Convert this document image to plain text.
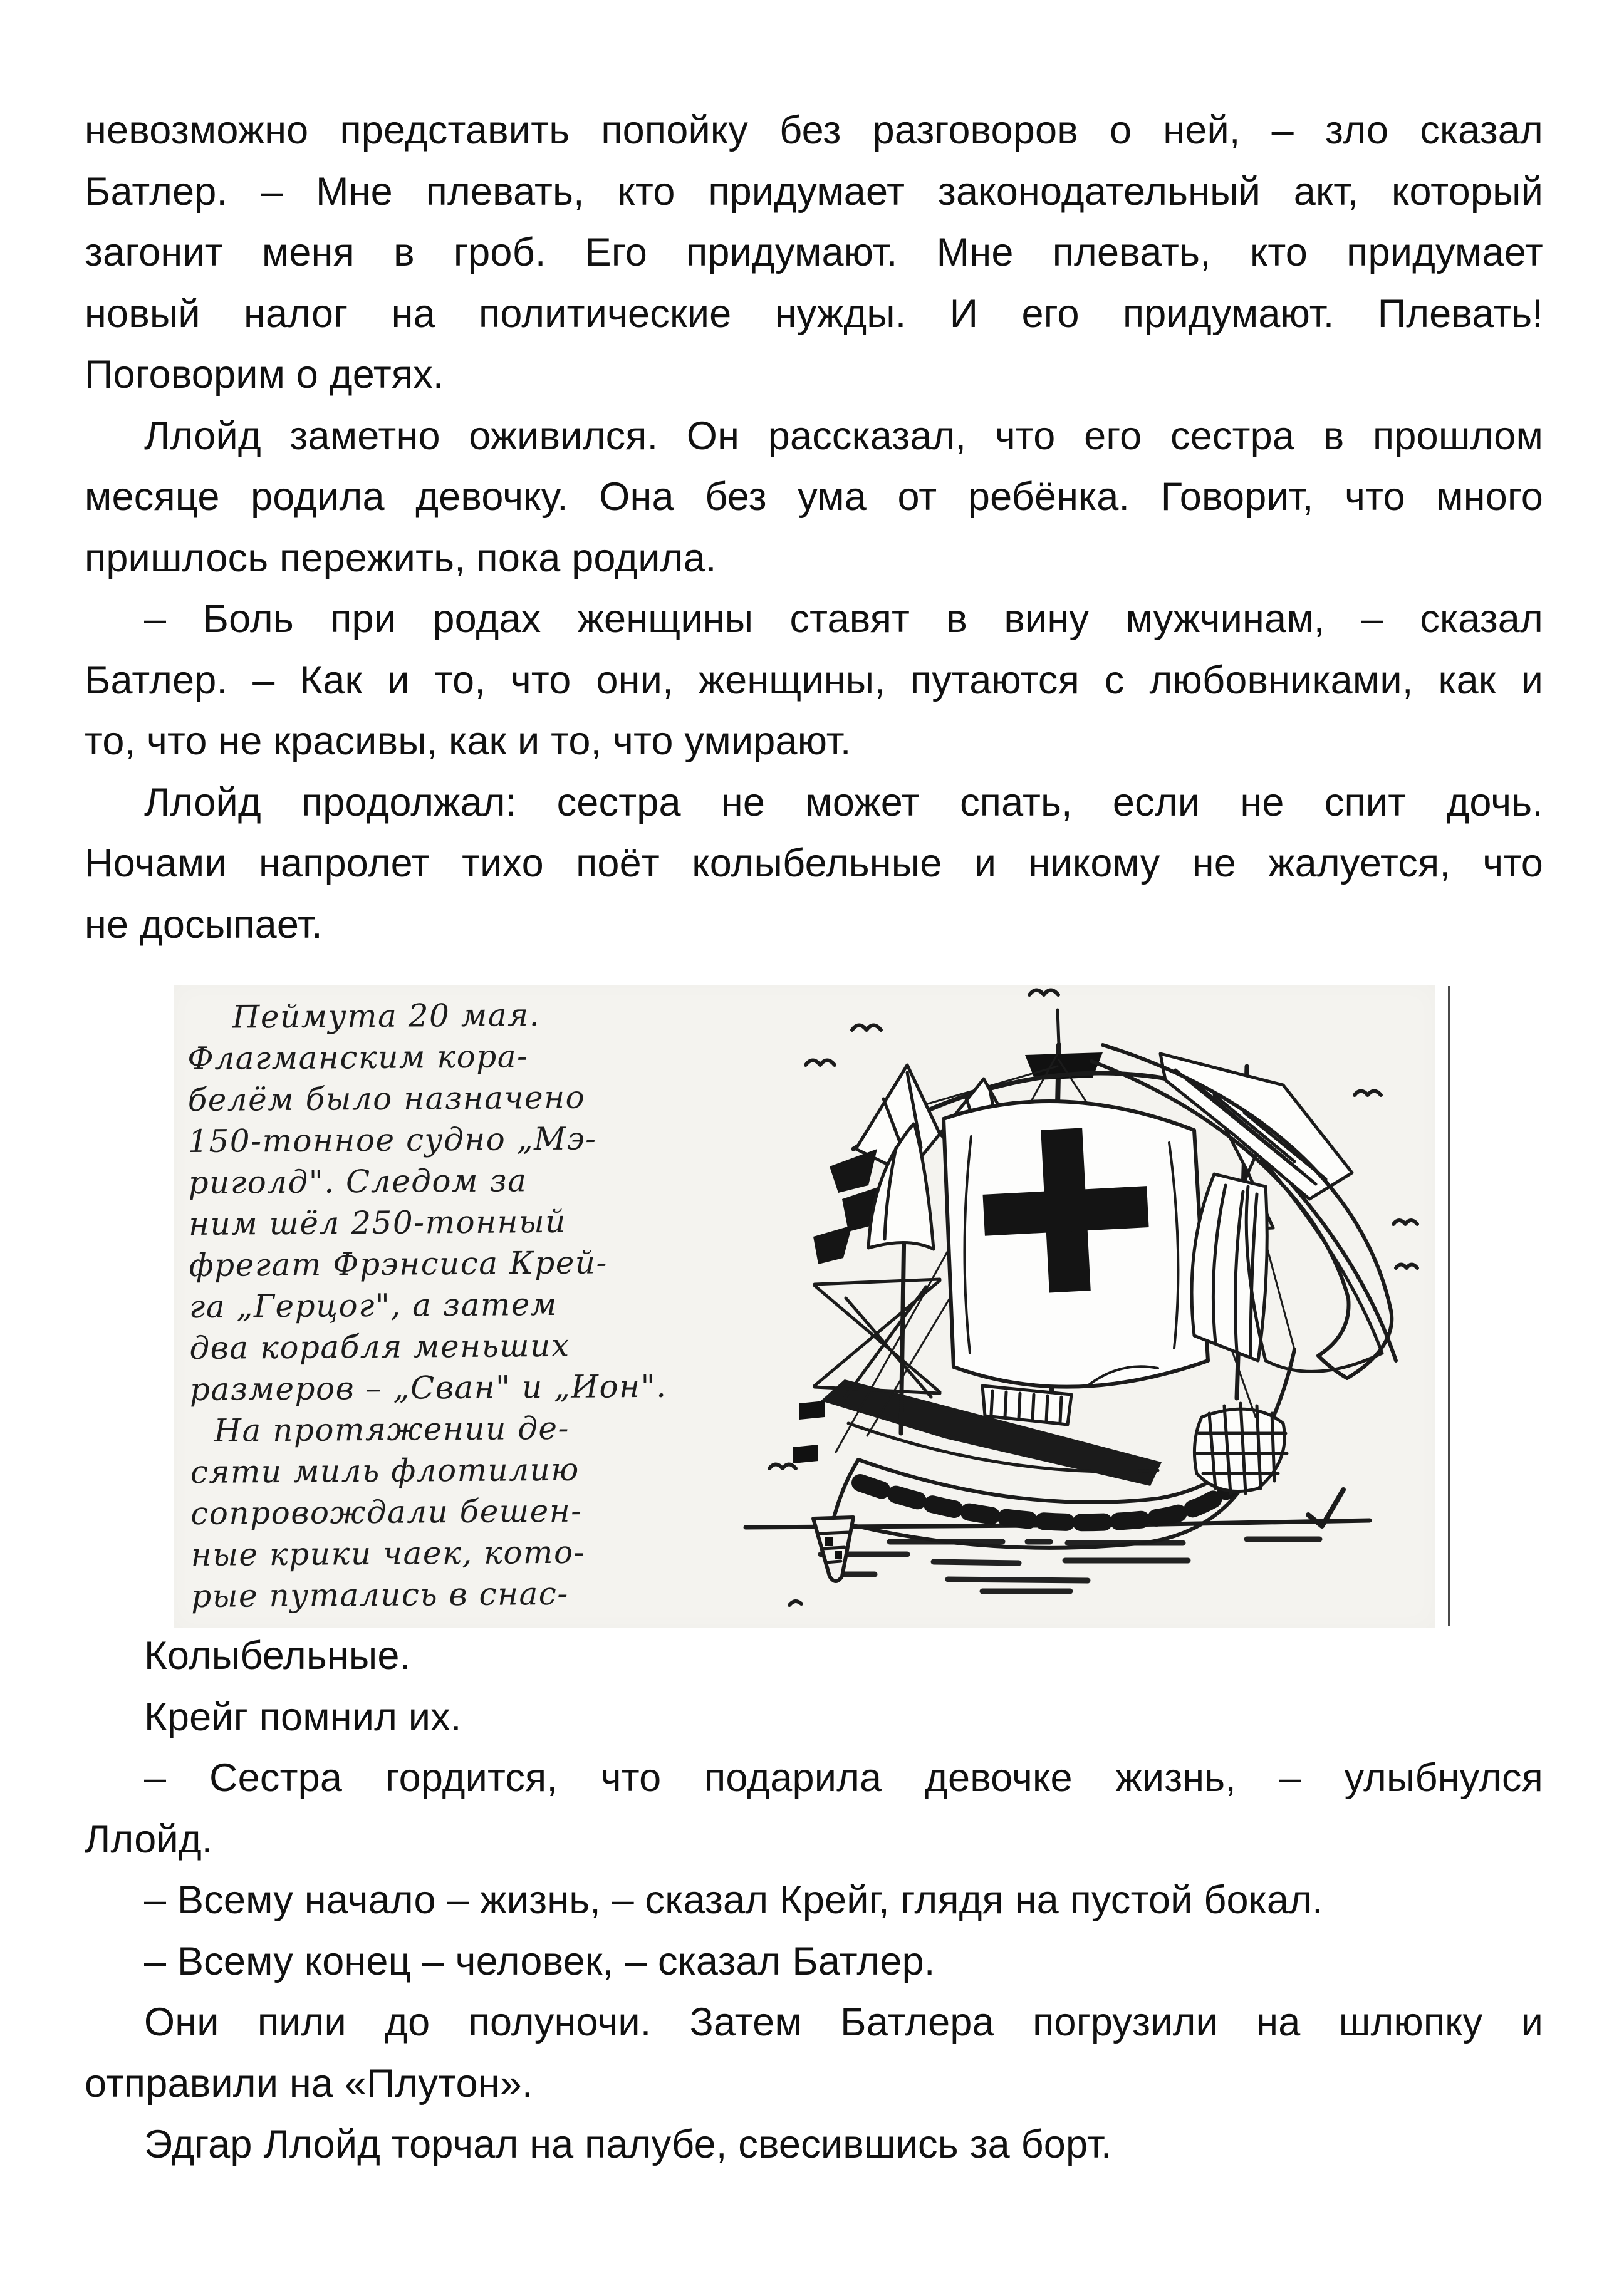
невозможно представить попойку без разговоров о ней, – зло сказал
Батлер. – Мне плевать, кто придумает законодательный акт, который
загонит меня в гроб. Его придумают. Мне плевать, кто придумает
новый налог на политические нужды. И его придумают. Плевать!
Поговорим о детях.
Ллойд заметно оживился. Он рассказал, что его сестра в прошлом
месяце родила девочку. Она без ума от ребёнка. Говорит, что много
пришлось пережить, пока родила.
– Боль при родах женщины ставят в вину мужчинам, – сказал
Батлер. – Как и то, что они, женщины, путаются с любовниками, как и
то, что не красивы, как и то, что умирают.
Ллойд продолжал: сестра не может спать, если не спит дочь.
Ночами напролет тихо поёт колыбельные и никому не жалуется, что
не досыпает.
Пеймута 20 мая.
Флагманским кора-
белём было назначено
150-тонное судно „Мэ-
риголд". Следом за
ним шёл 250-тонный
фрегат Фрэнсиса Крей-
га „Герцог", а затем
два корабля меньших
размеров – „Сван" и „Ион".
На протяжении де-
сяти миль флотилию
сопровождали бешен-
ные крики чаек, кото-
рые путались в снас-
Колыбельные.
Крейг помнил их.
– Сестра гордится, что подарила девочке жизнь, – улыбнулся
Ллойд.
– Всему начало – жизнь, – сказал Крейг, глядя на пустой бокал.
– Всему конец – человек, – сказал Батлер.
Они пили до полуночи. Затем Батлера погрузили на шлюпку и
отправили на «Плутон».
Эдгар Ллойд торчал на палубе, свесившись за борт.
